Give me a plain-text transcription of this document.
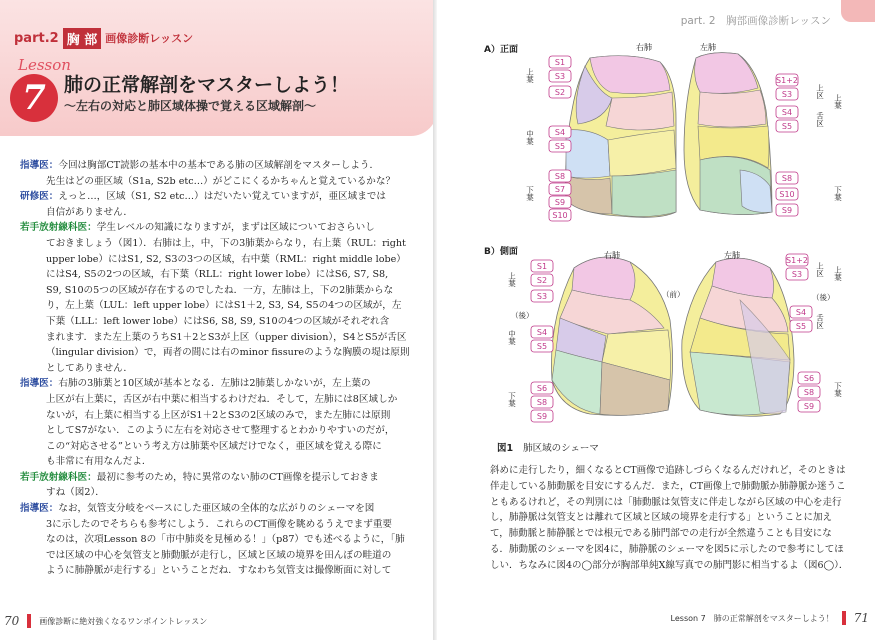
part.2 胸 部 画像診断レッスン
Lesson
7 肺の正常解剖をマスターしよう！
～左右の対応と肺区域体操で覚える区域解剖～
指導医：今回は胸部CT読影の基本中の基本である肺の区域解剖をマスターしよう．
先生はどの亜区域（S1a, S2b etc…）がどこにくるかちゃんと覚えているかな？
研修医：えっと…，区域（S1, S2 etc…）はだいたい覚えていますが，亜区域までは
自信がありません．
若手放射線科医：学生レベルの知識になりますが，まずは区域についておさらいし
ておきましょう（図1）．右肺は上，中，下の3肺葉からなり，右上葉（RUL：right
upper lobe）にはS1, S2, S3の3つの区域，右中葉（RML：right middle lobe）
にはS4, S5の2つの区域，右下葉（RLL：right lower lobe）にはS6, S7, S8,
S9, S10の5つの区域が存在するのでしたね．一方，左肺は上，下の2肺葉からな
り，左上葉（LUL：left upper lobe）にはS1＋2, S3, S4, S5の4つの区域が，左
下葉（LLL：left lower lobe）にはS6, S8, S9, S10の4つの区域がそれぞれ含
まれます．また左上葉のうちS1＋2とS3が上区（upper division），S4とS5が舌区
（lingular division）で，両者の間には右のminor fissureのような胸膜の堤は原則
としてありません．
指導医：右肺の3肺葉と10区域が基本となる．左肺は2肺葉しかないが，左上葉の
上区が右上葉に，舌区が右中葉に相当するわけだね．そして，左肺には8区域しか
ないが，右上葉に相当する上区がS1＋2とS3の2区域のみで，また左肺には原則
としてS7がない．このように左右を対応させて整理するとわかりやすいのだが，
この“対応させる”という考え方は肺葉や区域だけでなく，亜区域を覚える際に
も非常に有用なんだよ．
若手放射線科医：最初に参考のため，特に異常のない肺のCT画像を提示しておきま
すね（図2）．
指導医：なお，気管支分岐をベースにした亜区域の全体的な広がりのシェーマを図
3に示したのでそちらも参考にしよう．これらのCT画像を眺めるうえでまず重要
なのは，次項Lesson 8の「市中肺炎を見極める！」（p87）でも述べるように，「肺
では区域の中心を気管支と肺動脈が走行し，区域と区域の境界を田んぼの畦道の
ように肺静脈が走行する」ということだね．すなわち気管支は撮像断面に対して
70	画像診断に絶対強くなるワンポイントレッスン
part. 2　胸部画像診断レッスン
A）正面
B）側面
S1
S3
S2
S4
S5
S8
S7
S9
S10
S1+2
S3
S4
S5
S8
S10
S9
S1
S2
S3
S4
S5
S6
S8
S9
S1+2
S3
S4
S5
S6
S8
S9
右肺	左肺
右肺	左肺
（前）
（後）
（後）
上葉
中葉
下葉
上区
舌区
上葉
下葉
上葉
中葉
下葉
上区
舌区
上葉
下葉
図1 肺区域のシェーマ
斜めに走行したり，細くなるとCT画像で追跡しづらくなるんだけれど，そのときは伴走している肺動脈を目安にするんだ．また，CT画像上で肺動脈か肺静脈か迷うこともあるけれど，その判別には「肺動脈は気管支に伴走しながら区域の中心を走行し，肺静脈は気管支とは離れて区域と区域の境界を走行する」ということに加えて，肺動脈と肺静脈とでは根元である肺門部での走行が全然違うことも目安になる．肺動脈のシェーマを図4に，肺静脈のシェーマを図5に示したので参考にしてほしい．ちなみに図4の◯部分が胸部単純X線写真での肺門影に相当するよ（図6◯）．
Lesson 7　肺の正常解剖をマスターしよう！ 71
